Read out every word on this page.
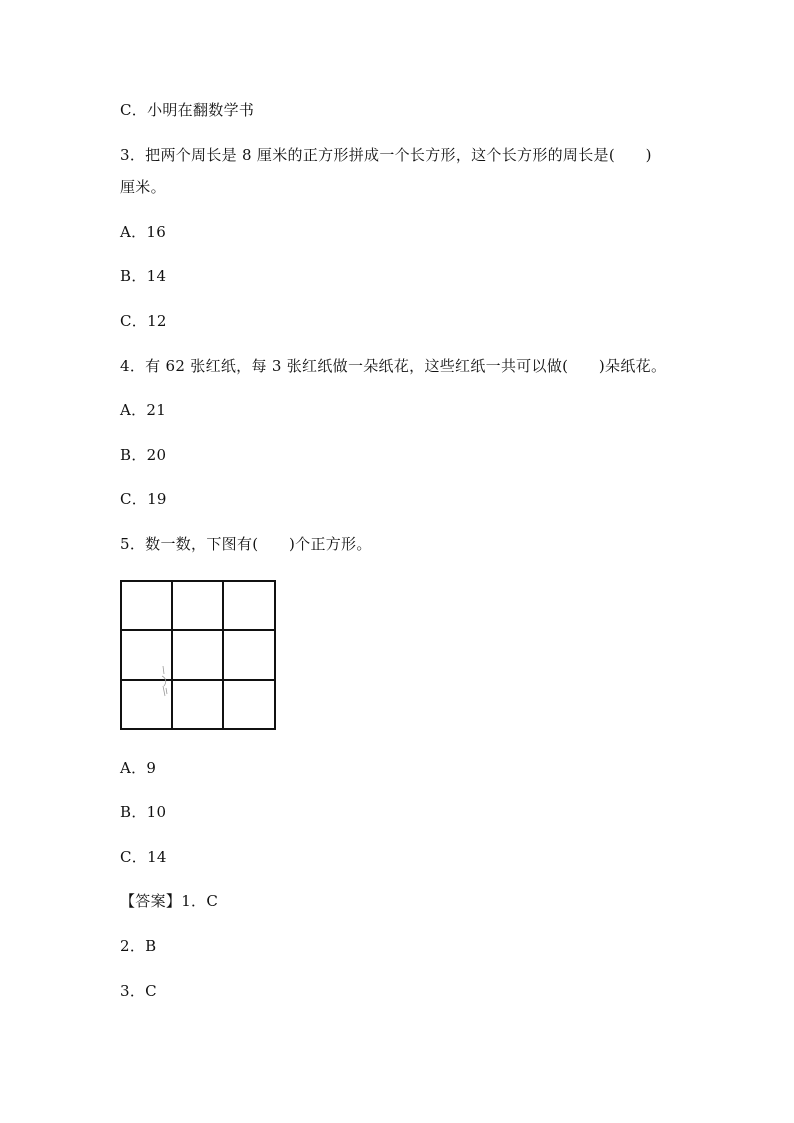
C．小明在翻数学书
3．把两个周长是 8 厘米的正方形拼成一个长方形，这个长方形的周长是(　　)
厘米。
A．16
B．14
C．12
4．有 62 张红纸，每 3 张红纸做一朵纸花，这些红纸一共可以做(　　)朵纸花。
A．21
B．20
C．19
5．数一数，下图有(　　)个正方形。
A．9
B．10
C．14
【答案】1．C
2．B
3．C
